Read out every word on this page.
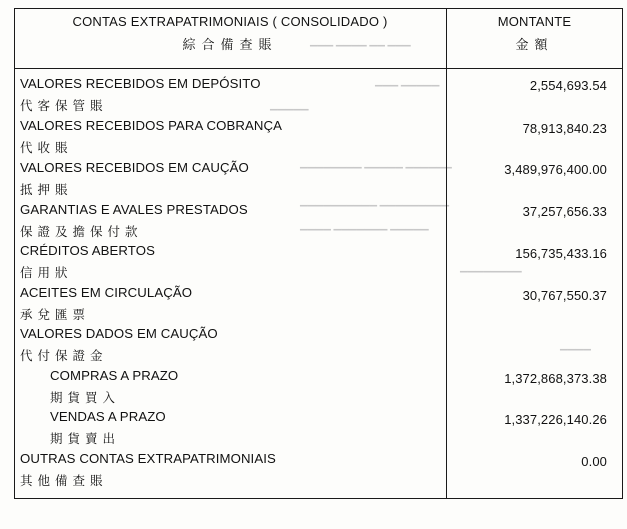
▁▁▁ ▁▁▁▁ ▁▁ ▁▁▁
▁▁▁ ▁▁▁▁▁
▁▁▁▁▁
▁▁▁▁▁▁▁▁ ▁▁▁▁▁ ▁▁▁▁▁▁
▁▁▁▁▁▁▁▁▁▁ ▁▁▁▁▁▁▁▁▁
▁▁▁▁ ▁▁▁▁▁▁▁ ▁▁▁▁▁
▁▁▁▁▁▁▁▁
▁▁▁▁
CONTAS EXTRAPATRIMONIAIS ( CONSOLIDADO )
綜合備查賬
MONTANTE
金額
VALORES RECEBIDOS EM DEPÓSITO
代客保管賬
2,554,693.54
VALORES RECEBIDOS PARA COBRANÇA
代收賬
78,913,840.23
VALORES RECEBIDOS EM CAUÇÃO
抵押賬
3,489,976,400.00
GARANTIAS E AVALES PRESTADOS
保證及擔保付款
37,257,656.33
CRÉDITOS ABERTOS
信用狀
156,735,433.16
ACEITES EM CIRCULAÇÃO
承兌匯票
30,767,550.37
VALORES DADOS EM CAUÇÃO
代付保證金
COMPRAS A PRAZO
期貨買入
1,372,868,373.38
VENDAS A PRAZO
期貨賣出
1,337,226,140.26
OUTRAS CONTAS EXTRAPATRIMONIAIS
其他備查賬
0.00
